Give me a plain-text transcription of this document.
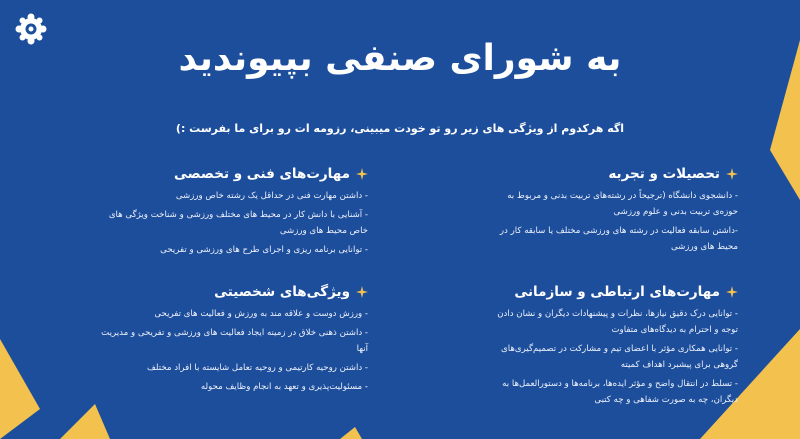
به شورای صنفی بپیوندید
اگه هرکدوم از ویژگی های زیر رو تو خودت میبینی، رزومه ات رو برای ما بفرست :)
تحصیلات و تجربه
- دانشجوی دانشگاه (ترجیحاً در رشته‌های تربیت بدنی و مربوط به حوزه‌ی تربیت بدنی و علوم ورزشی
-داشتن سابقه فعالیت در رشته های ورزشی مختلف یا سابقه کار در محیط های ورزشی
مهارت‌های فنی و تخصصی
- داشتن مهارت فنی در حداقل یک رشته خاص ورزشی
- آشنایی با دانش کار در محیط های مختلف ورزشی و شناخت ویژگی های خاص محیط های ورزشی
- توانایی برنامه ریزی و اجرای طرح های ورزشی و تفریحی
مهارت‌های ارتباطی و سازمانی
- توانایی درک دقیق نیازها، نظرات و پیشنهادات دیگران و نشان دادن توجه و احترام به دیدگاه‌های متفاوت
- توانایی همکاری مؤثر با اعضای تیم و مشارکت در تصمیم‌گیری‌های گروهی برای پیشبرد اهداف کمیته
- تسلط در انتقال واضح و مؤثر ایده‌ها، برنامه‌ها و دستورالعمل‌ها به دیگران، چه به صورت شفاهی و چه کتبی
ویژگی‌های شخصیتی
- ورزش دوست و علاقه مند به ورزش و فعالیت های تفریحی
- داشتن ذهنی خلاق در زمینه ایجاد فعالیت های ورزشی و تفریحی و مدیریت آنها
- داشتن روحیه کارتیمی و روحیه تعامل شایسته با افراد مختلف
- مسئولیت‌پذیری و تعهد به انجام وظایف محوله
